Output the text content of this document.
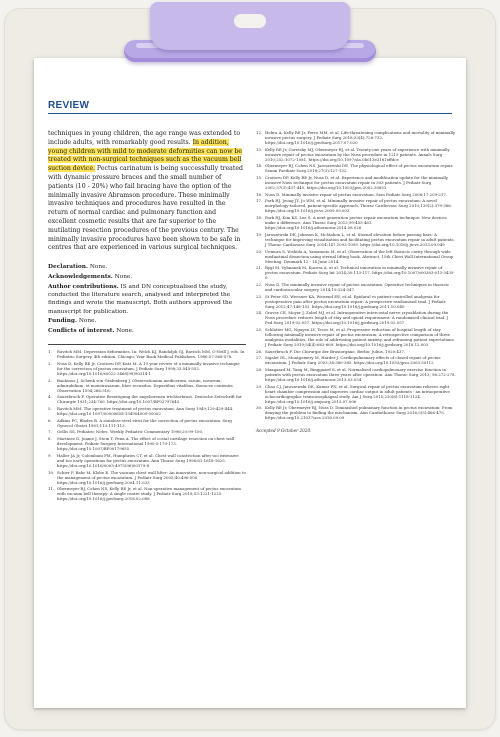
REVIEW

techniques in young children, the age range was extended to include adults, with remarkably good results. In addition, young children with mild to moderate deformities can now be treated with non-surgical techniques such as the vacuum bell suction device. Pectus carinatum is being successfully treated with dynamic pressure braces and the small number of patients (10 - 20%) who fail bracing have the option of the minimally invasive Abramson procedure. These minimally invasive techniques and procedures have resulted in the return of normal cardiac and pulmonary function and excellent cosmetic results that are far superior to the mutilating resection procedures of the previous century. The minimally invasive procedures have been shown to be safe in centres that are experienced in various surgical techniques.

Declaration. None.

Acknowledgements. None.

Author contributions. IS and DN conceptualised the study, conducted the literature search, analysed and interpreted the findings and wrote the manuscript. Both authors approved the manuscript for publication.

Funding. None.

Conflicts of interest. None.

1. Ravitch MM. Depression deformities. In: Welch KJ, Randolph GJ, Ravitch MM, O'Neill J, eds. In Pediatric Surgery. 4th edition. Chicago: Year Book Medical Publishers, 1986:57:568-578.
2. Nuss D, Kelly RE Jr, Croitoru DP, Katz M. A 10 year review of a minimally invasive technique for the correction of pectus excavatum. J Pediatr Surg 1998;33:545-552. https://doi.org/10.1016/s0022-3468(98)90314-1
3. Bauhinus J, Schenk von Grafenberg J. Observationum medicarum, rarum, novarum, admirabilium, et monstrosarum, liber secundus. Departibus vitalibus, thoracee contentis. Observation 1594;266:516.
4. Sauerbruch F. Operative Beseitigung der angeborenen trichterbrust. Deutsche Zeitschrift fur Chirurgie 1931;234:760. https://doi.org/10.1007/BF02797645
5. Ravitch MM. The operative treatment of pectus excavatum. Ann Surg 1949;129:429-444. https://doi.org/10.1097/00000658-194904000-00002
6. Adkins PC, Blades B. A stainless-steel strut for the correction of pectus excavatum. Surg Gynecol Obstet 1961;113:111-113.
7. Gellis SS. Pediatric Notes. Weekly Pediatric Commentary 1996;20:99-100.
8. Martinez D, Juame J, Stein T, Pena A. The effect of costal cartilage resection on chest wall development. Pediatr Surgery International 1990;5:170-173. https://doi.org/10.1007/BF00179655
9. Haller JA Jr, Colombani PM, Humphries CT, et al. Chest wall constriction after too extensive and too early operations for pectus excavatum. Ann Thorac Surg 1996;61:1618-1625. https://doi.org/10.1016/0003-4975(96)00179-8
10. Schier F, Bahr M, Klobe E. The vacuum chest wall lifter: An innovative, non-surgical addition to the management of pectus excavatum. J Pediatr Surg 2005;40:496-500. https://doi.org/10.1016/j.jpedsurg.2004.11.033
11. Obermeyer RJ, Cohen NS, Kelly RE Jr, et al. Non-operative management of pectus excavatum with vacuum bell therapy: A single centre study. J Pediatr Surg 2018;53:1221-1225. https://doi.org/10.1016/j.jpedsurg.2018.02.088
12. Hebra A, Kelly RE Jr, Ferro MM, et al. Life-threatening complications and mortality of minimally invasive pectus surgery. J Pediatr Surg 2018;53(4):728-732. https://doi.org/10.1016/j.jpedsurg.2017.07.020
13. Kelly RE Jr, Goretsky MJ, Obermeyer RJ, et al. Twenty-one years of experience with minimally invasive repair of pectus excavatum by the Nuss procedure in 1215 patients. Annals Surg 2010;252:1072-1081. https://doi.org/10.1097/sla.0b013e3181effdce
14. Obermeyer RJ, Cohen NS, Jaroszewski DE. The physiological effect of pectus excavatum repair. Semin Paediatr Surg 2018;27(3):127-132.
15. Croitoru DP, Kelly RE Jr, Nuss D, et al. Experience and modification update for the minimally invasive Nuss technique for pectus excavatum repair in 303 patients. J Pediatr Surg 2002;37(3):437-445. https://doi.org/10.1053/jpsu.2002.30851
16. Nuss D. Minimally invasive repair of pectus excavatum. Sem Pediatr Surg 2008;17:209-217.
17. Park HJ, Jeong JY, Jo WM, et al. Minimally invasive repair of pectus excavatum: A novel morphology-tailored, patient-specific approach. Thorac Cardiovasc Surg 2010;139(2):379-386. https://doi.org/10.1016/j.jtcvs.2009.09.003
18. Park HJ, Kim KS. Lee S. A next generation pectus repair excavatum technique: New devices make a difference. Ann Thorac Surg 2013;99:455-461. https://doi.org/10.1016/j.athoracsur.2014.08.026
19. Jaroszewski DE, Johnson K, McMahon L, et al. Sternal elevation before passing bars: A technique for improving visualisation and facilitating pectus excavatum repair in adult patients. J Thorac Cardiovasc Surg 2014;147:1093-1095. https://doi.org/10.1016/j.jtcvs.2013.09.049
20. Uemura S, Yoshida A, Yamamoto M, et al. Observation of the left thoracic cavity through wide mediastinal dissection using sternal lifting hook. Abstract, 15th Chest Wall International Group Meeting. Denmark 12 - 14 June 2014.
21. Rygl M, Vyhnanek M, Kucera A, et al. Technical innovation in minimally invasive repair of pectus excavatum. Pediatr Surg Int 2014;30:113-117. https://doi.org/10.1007/s00383-013-3435-0
22. Nuss D. The minimally invasive repair of pectus excavatum. Operative techniques in thoracic and cardiovascular surgery 2014;19:324-347.
23. St Peter SD, Weesner KA, Weisend EE, et al. Epidural vs patient-controlled analgesia for postoperative pain after pectus excavatum repair: A prospective randomised trial. J Pediatr Surg 2012;47:148-153. https://doi.org/10.1016/j.jpedsurg.2011.10.040
24. Graves CE, Moyer J, Zobel MJ, et al. Intraoperative intercostal nerve cryoablation during the Nuss procedure reduces length of stay and opioid requirement: A randomised clinical trial. J Ped Surg 2019;02:057. https://doi.org/10.1016/j.jpedsurg.2019.02.057
25. Schlatter MG, Nguyen LV, Tecos M, et al. Progressive reduction of hospital length of stay following minimally invasive repair of pectus excavatum: A retrospective comparison of three analgesia modalities, the role of addressing patient anxiety, and reframing patient expectations. J Pediatr Surg 2019;54(4):663-669. https://doi.org/10.1016/j.jpedsurg.2018.12.003
26. Sauerbruch F. Die Chirurgie der Brustorgane. Berlin: Julius, 1920:437.
27. Sigalet DL, Montgomery M, Harder J. Cardiopulmonary effects of closed repair of pectus excavatum. J Pediatr Surg 2003;38:380-385. https://doi.org/10.1053/jpsu.2003.50112
28. Maagaard M, Tang M, Ringgaard S, et al. Normalised cardiopulmonary exercise function in patients with pectus excavatum three years after operation. Ann Thorac Surg 2013; 96:272-278. https://doi.org/10.1016/j.athoracsur.2013.03.034
29. Chao CJ, Jaroszewski DE, Kumar PN, et al. Surgical repair of pectus excavatum relieves right heart chamber compression and improves cardiac output in adult patients - an intraoperative echocardiographic transoesophageal study. Am J Surg 2015;210(6):1118-1124. https://doi.org/10.1016/j.amjsurg.2015.07.006
30. Kelly RE Jr, Obermeyer RJ, Nuss D. Diminished pulmonary function in pectus excavatum: From denying the problem to finding the mechanism. Ann Cardiothorac Surg 2016;5(5):466-475. https://doi.org/10.21037/acs.2016.09.09
Accepted 9 October 2020.
